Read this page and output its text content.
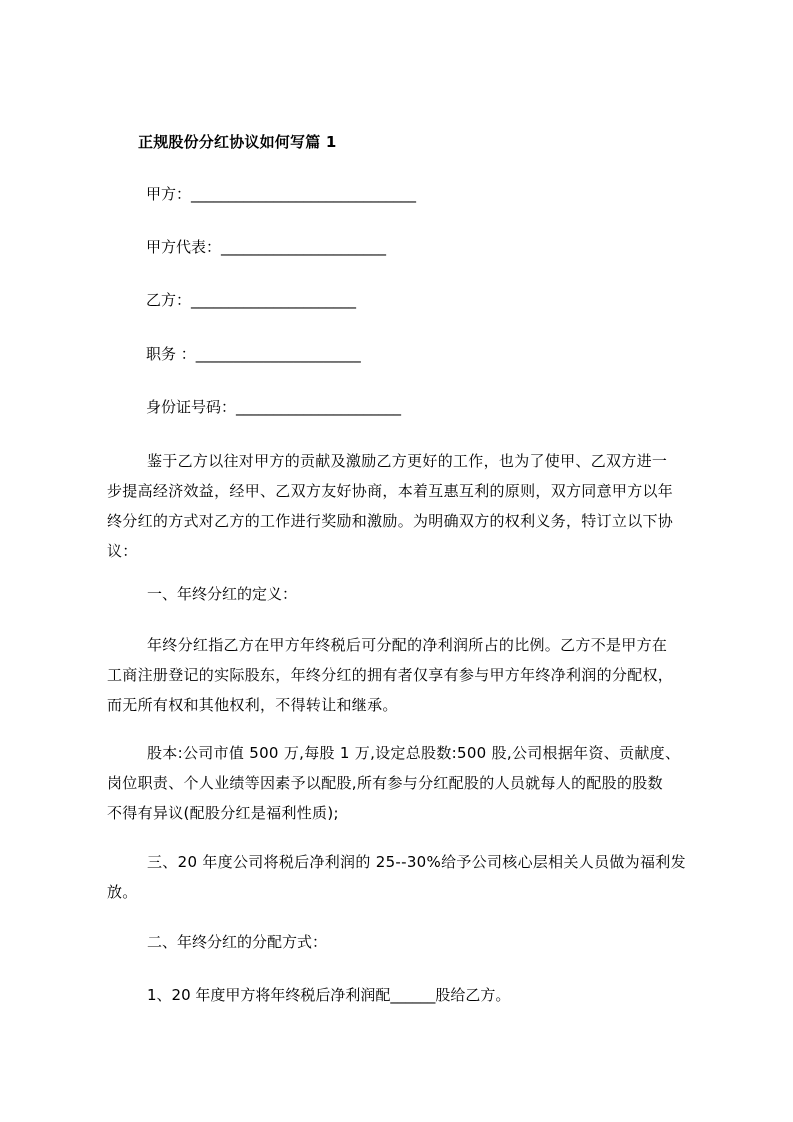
正规股份分红协议如何写篇 1
甲方：______________________________
甲方代表：______________________
乙方：______________________
职务 ：______________________
身份证号码：______________________
鉴于乙方以往对甲方的贡献及激励乙方更好的工作，也为了使甲、乙双方进一
步提高经济效益，经甲、乙双方友好协商，本着互惠互利的原则，双方同意甲方以年
终分红的方式对乙方的工作进行奖励和激励。为明确双方的权利义务，特订立以下协
议：
一、年终分红的定义：
年终分红指乙方在甲方年终税后可分配的净利润所占的比例。乙方不是甲方在
工商注册登记的实际股东，年终分红的拥有者仅享有参与甲方年终净利润的分配权，
而无所有权和其他权利，不得转让和继承。
股本:公司市值 500 万,每股 1 万,设定总股数:500 股,公司根据年资、贡献度、
岗位职责、个人业绩等因素予以配股,所有参与分红配股的人员就每人的配股的股数
不得有异议(配股分红是福利性质);
三、20 年度公司将税后净利润的 25--30%给予公司核心层相关人员做为福利发
放。
二、年终分红的分配方式：
1、20 年度甲方将年终税后净利润配______股给乙方。
